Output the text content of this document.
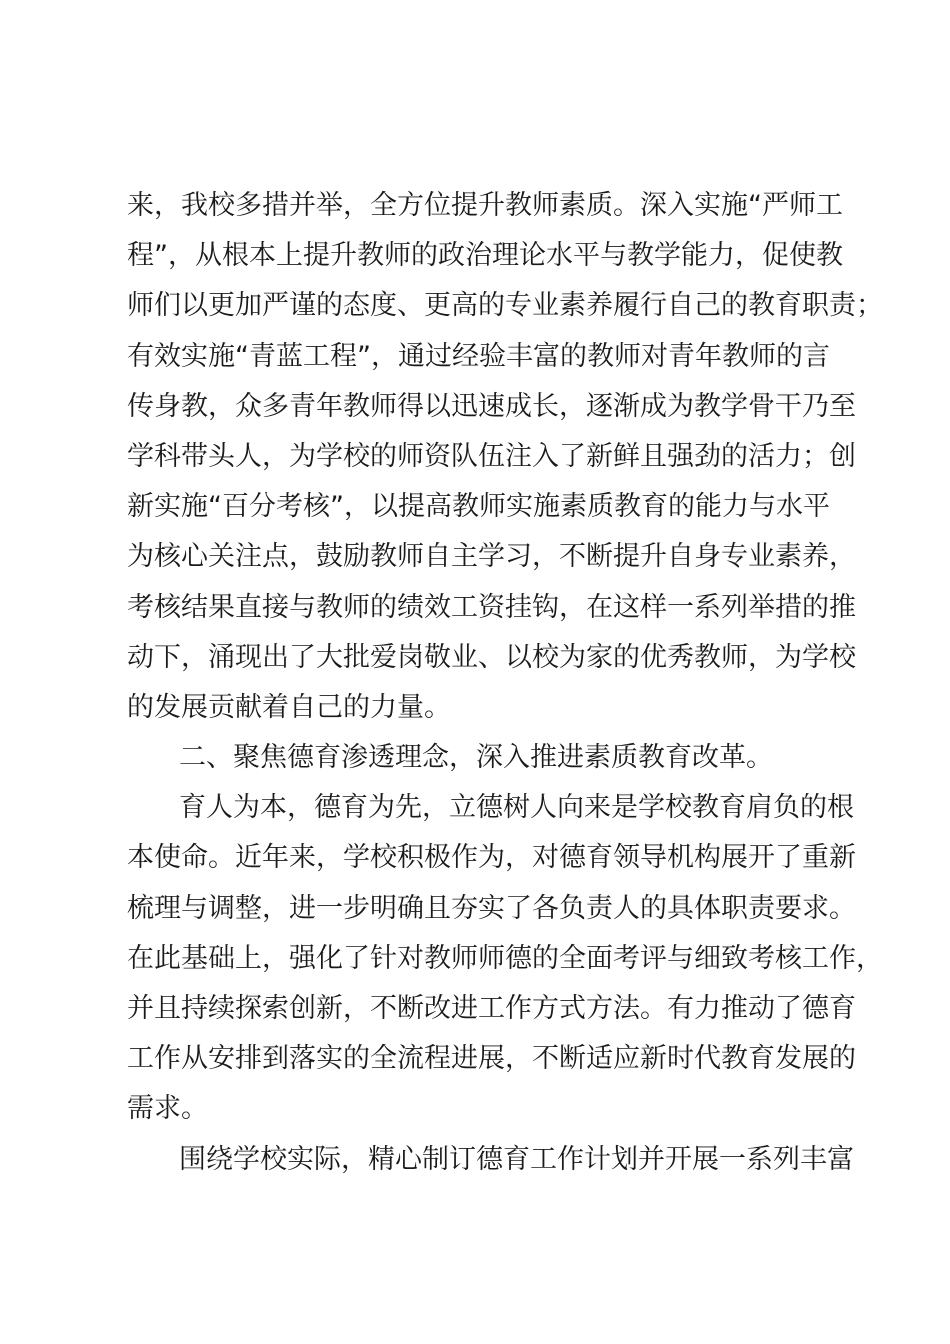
来，我校多措并举，全方位提升教师素质。深入实施“严师工
程”，从根本上提升教师的政治理论水平与教学能力，促使教
师们以更加严谨的态度、更高的专业素养履行自己的教育职责；
有效实施“青蓝工程”，通过经验丰富的教师对青年教师的言
传身教，众多青年教师得以迅速成长，逐渐成为教学骨干乃至
学科带头人，为学校的师资队伍注入了新鲜且强劲的活力；创
新实施“百分考核”，以提高教师实施素质教育的能力与水平
为核心关注点，鼓励教师自主学习，不断提升自身专业素养，
考核结果直接与教师的绩效工资挂钩，在这样一系列举措的推
动下，涌现出了大批爱岗敬业、以校为家的优秀教师，为学校
的发展贡献着自己的力量。
二、聚焦德育渗透理念，深入推进素质教育改革。
育人为本，德育为先，立德树人向来是学校教育肩负的根
本使命。近年来，学校积极作为，对德育领导机构展开了重新
梳理与调整，进一步明确且夯实了各负责人的具体职责要求。
在此基础上，强化了针对教师师德的全面考评与细致考核工作，
并且持续探索创新，不断改进工作方式方法。有力推动了德育
工作从安排到落实的全流程进展，不断适应新时代教育发展的
需求。
围绕学校实际，精心制订德育工作计划并开展一系列丰富
